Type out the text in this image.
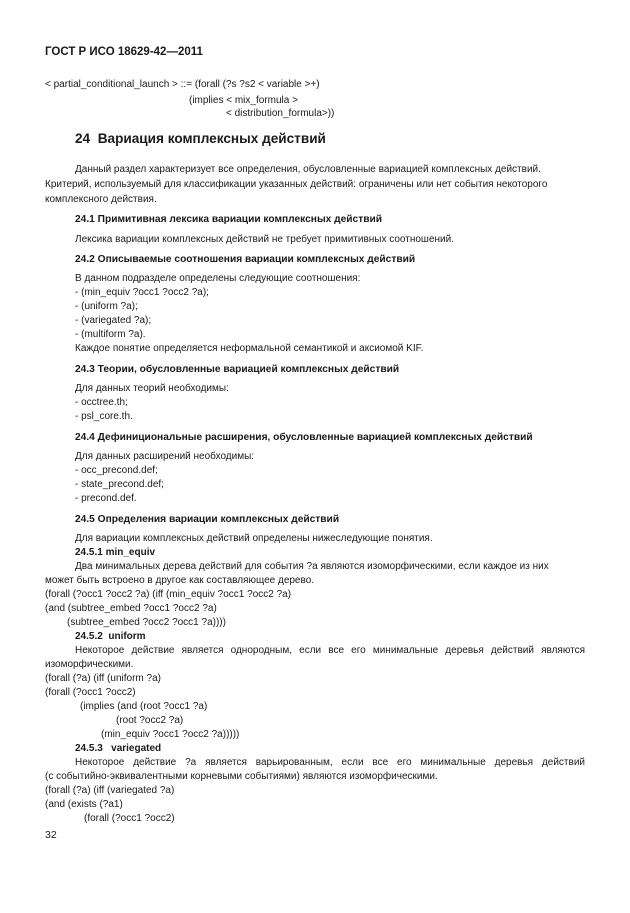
ГОСТ Р ИСО 18629-42—2011
< partial_conditional_launch > ::= (forall (?s ?s2 < variable >+)
(implies < mix_formula >
< distribution_formula>))
24 Вариация комплексных действий
Данный раздел характеризует все определения, обусловленные вариацией комплексных действий.
Критерий, используемый для классификации указанных действий: ограничены или нет события некоторого
комплексного действия.
24.1 Примитивная лексика вариации комплексных действий
Лексика вариации комплексных действий не требует примитивных соотношений.
24.2 Описываемые соотношения вариации комплексных действий
В данном подразделе определены следующие соотношения:
- (min_equiv ?occ1 ?occ2 ?a);
- (uniform ?a);
- (variegated ?a);
- (multiform ?a).
Каждое понятие определяется неформальной семантикой и аксиомой KIF.
24.3 Теории, обусловленные вариацией комплексных действий
Для данных теорий необходимы:
- occtree.th;
- psl_core.th.
24.4 Дефинициональные расширения, обусловленные вариацией комплексных действий
Для данных расширений необходимы:
- occ_precond.def;
- state_precond.def;
- precond.def.
24.5 Определения вариации комплексных действий
Для вариации комплексных действий определены нижеследующие понятия.
24.5.1 min_equiv
Два минимальных дерева действий для события ?a являются изоморфическими, если каждое из них
может быть встроено в другое как составляющее дерево.
(forall (?occ1 ?occ2 ?a) (iff (min_equiv ?occ1 ?occ2 ?a)
(and (subtree_embed ?occ1 ?occ2 ?a)
(subtree_embed ?occ2 ?occ1 ?a))))
24.5.2  uniform
Некоторое действие является однородным, если все его минимальные деревья действий являются
изоморфическими.
(forall (?a) (iff (uniform ?a)
(forall (?occ1 ?occ2)
(implies (and (root ?occ1 ?a)
(root ?occ2 ?a)
(min_equiv ?occ1 ?occ2 ?a)))))
24.5.3   variegated
Некоторое действие ?a является варьированным, если все его минимальные деревья действий
(с событийно-эквивалентными корневыми событиями) являются изоморфическими.
(forall (?a) (iff (variegated ?a)
(and (exists (?a1)
(forall (?occ1 ?occ2)
32
